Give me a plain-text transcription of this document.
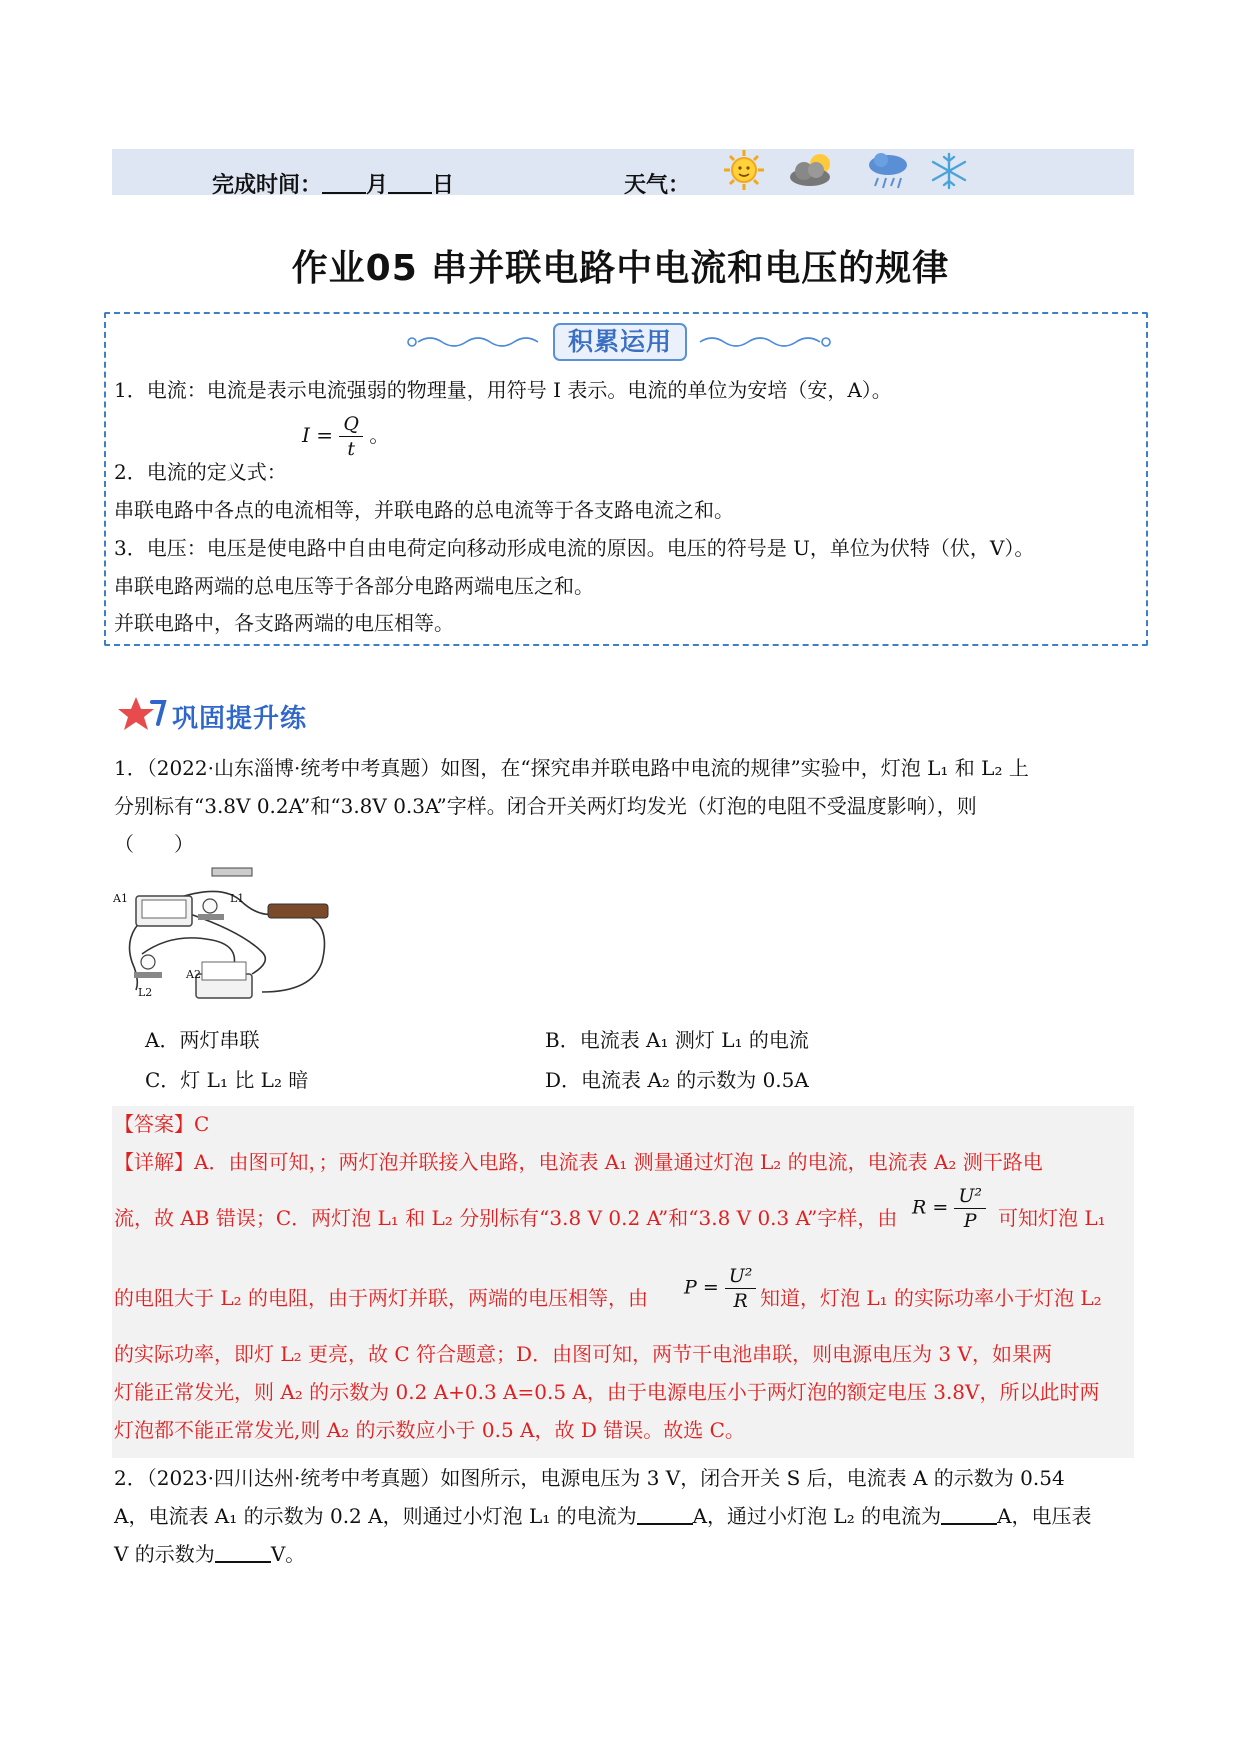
完成时间： 月 日	天气：
作业05 串并联电路中电流和电压的规律
积累运用
1．电流：电流是表示电流强弱的物理量，用符号 I 表示。电流的单位为安培（安，A）。
$I = \frac{Q}{t}$ 。
2．电流的定义式：
串联电路中各点的电流相等，并联电路的总电流等于各支路电流之和。
3．电压：电压是使电路中自由电荷定向移动形成电流的原因。电压的符号是 U，单位为伏特（伏，V）。
串联电路两端的总电压等于各部分电路两端电压之和。
并联电路中，各支路两端的电压相等。
巩固提升练
1．（2022·山东淄博·统考中考真题）如图，在“探究串并联电路中电流的规律”实验中，灯泡 L₁ 和 L₂ 上
分别标有“3.8V 0.2A”和“3.8V 0.3A”字样。闭合开关两灯均发光（灯泡的电阻不受温度影响），则
（　　）
A1	L1
A2
L2
A．两灯串联	B．电流表 A₁ 测灯 L₁ 的电流
C．灯 L₁ 比 L₂ 暗	D．电流表 A₂ 的示数为 0.5A
【答案】C
【详解】A．由图可知，；两灯泡并联接入电路，电流表 A₁ 测量通过灯泡 L₂ 的电流，电流表 A₂ 测干路电
流，故 AB 错误；C．两灯泡 L₁ 和 L₂ 分别标有“3.8 V 0.2 A”和“3.8 V 0.3 A”字样，由 $R = \frac{\text{U²}}{P}$ 可知灯泡 L₁
的电阻大于 L₂ 的电阻，由于两灯并联，两端的电压相等，由 $P = \frac{\text{U²}}{R}$ 知道，灯泡 L₁ 的实际功率小于灯泡 L₂
的实际功率，即灯 L₂ 更亮，故 C 符合题意；D．由图可知，两节干电池串联，则电源电压为 3 V，如果两
灯能正常发光，则 A₂ 的示数为 0.2 A+0.3 A=0.5 A，由于电源电压小于两灯泡的额定电压 3.8V，所以此时两
灯泡都不能正常发光,则 A₂ 的示数应小于 0.5 A，故 D 错误。故选 C。
2．（2023·四川达州·统考中考真题）如图所示，电源电压为 3 V，闭合开关 S 后，电流表 A 的示数为 0.54
A，电流表 A₁ 的示数为 0.2 A，则通过小灯泡 L₁ 的电流为	A，通过小灯泡 L₂ 的电流为	A，电压表
V 的示数为	V。
